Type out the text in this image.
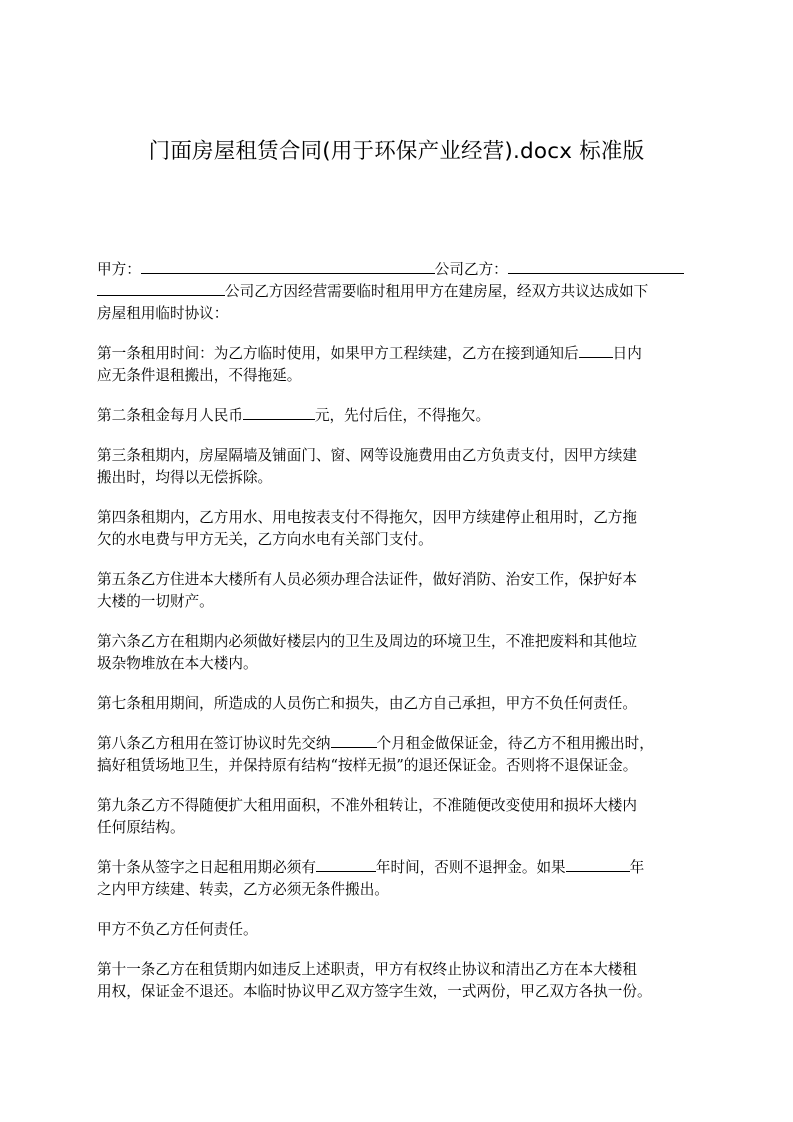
门面房屋租赁合同(用于环保产业经营).docx 标准版

甲方：	公司乙方：
公司乙方因经营需要临时租用甲方在建房屋，经双方共议达成如下
房屋租用临时协议：

第一条租用时间：为乙方临时使用，如果甲方工程续建，乙方在接到通知后 日内
应无条件退租搬出，不得拖延。

第二条租金每月人民币	元，先付后住，不得拖欠。

第三条租期内，房屋隔墙及铺面门、窗、网等设施费用由乙方负责支付，因甲方续建
搬出时，均得以无偿拆除。

第四条租期内，乙方用水、用电按表支付不得拖欠，因甲方续建停止租用时，乙方拖
欠的水电费与甲方无关，乙方向水电有关部门支付。

第五条乙方住进本大楼所有人员必须办理合法证件，做好消防、治安工作，保护好本
大楼的一切财产。

第六条乙方在租期内必须做好楼层内的卫生及周边的环境卫生，不准把废料和其他垃
圾杂物堆放在本大楼内。

第七条租用期间，所造成的人员伤亡和损失，由乙方自己承担，甲方不负任何责任。

第八条乙方租用在签订协议时先交纳	个月租金做保证金，待乙方不租用搬出时，
搞好租赁场地卫生，并保持原有结构“按样无损”的退还保证金。否则将不退保证金。

第九条乙方不得随便扩大租用面积，不准外租转让，不准随便改变使用和损坏大楼内
任何原结构。

第十条从签字之日起租用期必须有	年时间，否则不退押金。如果	年
之内甲方续建、转卖，乙方必须无条件搬出。

甲方不负乙方任何责任。

第十一条乙方在租赁期内如违反上述职责，甲方有权终止协议和清出乙方在本大楼租
用权，保证金不退还。本临时协议甲乙双方签字生效，一式两份，甲乙双方各执一份。
